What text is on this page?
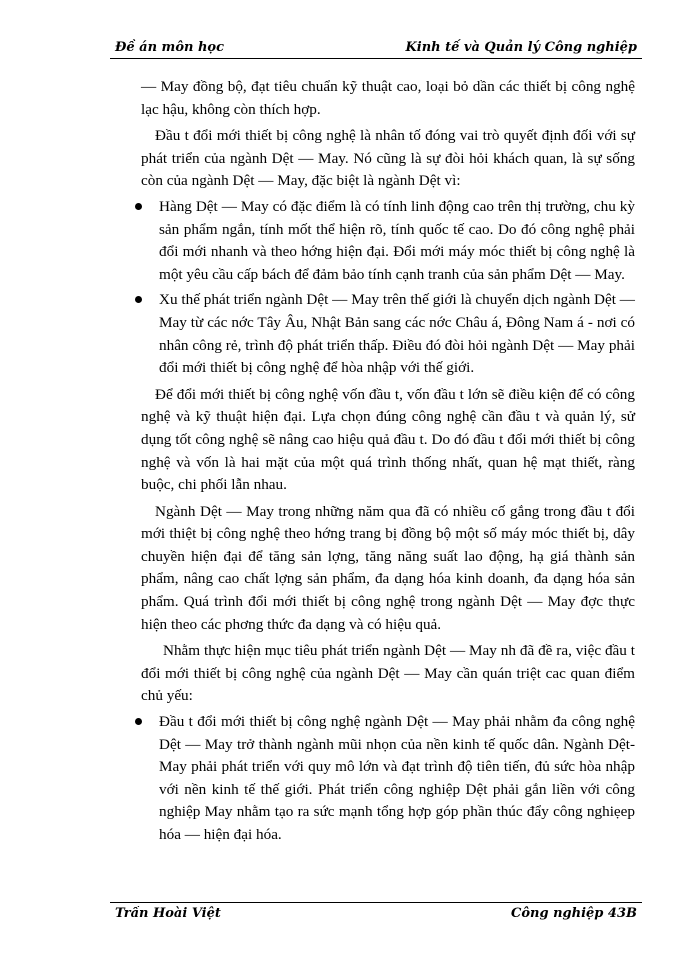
Đề án môn học	Kinh tế và Quản lý Công nghiệp

— May đồng bộ, đạt tiêu chuẩn kỹ thuật cao, loại bỏ dần các thiết bị công nghệ lạc hậu, không còn thích hợp.

Đầu t đổi mới thiết bị công nghệ là nhân tố đóng vai trò quyết định đối với sự phát triển của ngành Dệt — May. Nó cũng là sự đòi hỏi khách quan, là sự sống còn của ngành Dệt — May, đặc biệt là ngành Dệt vì:

Hàng Dệt — May có đặc điểm là có tính linh động cao trên thị trường, chu kỳ sản phẩm ngắn, tính mốt thể hiện rõ, tính quốc tế cao. Do đó công nghệ phải đổi mới nhanh và theo hớng hiện đại. Đổi mới máy móc thiết bị công nghệ là một yêu cầu cấp bách để đảm bảo tính cạnh tranh của sản phẩm Dệt — May.
Xu thế phát triển ngành Dệt — May trên thế giới là chuyển dịch ngành Dệt — May từ các nớc Tây Âu, Nhật Bản sang các nớc Châu á, Đông Nam á - nơi có nhân công rẻ, trình độ phát triển thấp. Điều đó đòi hỏi ngành Dệt — May phải đổi mới thiết bị công nghệ để hòa nhập với thế giới.

Để đổi mới thiết bị công nghệ vốn đầu t, vốn đầu t lớn sẽ điều kiện để có công nghệ và kỹ thuật hiện đại. Lựa chọn đúng công nghệ cần đầu t và quản lý, sử dụng tốt công nghệ sẽ nâng cao hiệu quả đầu t. Do đó đầu t đổi mới thiết bị công nghệ và vốn là hai mặt của một quá trình thống nhất, quan hệ mạt thiết, ràng buộc, chi phối lẫn nhau.

Ngành Dệt — May trong những năm qua đã có nhiều cố gắng trong đầu t đổi mới thiệt bị công nghệ theo hớng trang bị đồng bộ một số máy móc thiết bị, dây chuyền hiện đại để tăng sản lợng, tăng năng suất lao động, hạ giá thành sản phẩm, nâng cao chất lợng sản phẩm, đa dạng hóa kinh doanh, đa dạng hóa sản phẩm. Quá trình đổi mới thiết bị công nghệ trong ngành Dệt — May đợc thực hiện theo các phơng thức đa dạng và có hiệu quả.

Nhằm thực hiện mục tiêu phát triển ngành Dệt — May nh đã đề ra, việc đầu t đổi mới thiết bị công nghệ của ngành Dệt — May cần quán triệt cac quan điểm chủ yếu:

Đầu t đổi mới thiết bị công nghệ ngành Dệt — May phải nhằm đa công nghệ Dệt — May trở thành ngành mũi nhọn của nền kinh tế quốc dân. Ngành Dệt- May phải phát triển với quy mô lớn và đạt trình độ tiên tiến, đủ sức hòa nhập với nền kinh tế thế giới. Phát triển công nghiệp Dệt phải gắn liền với công nghiệp May nhằm tạo ra sức mạnh tổng hợp góp phần thúc đẩy công nghiẹep hóa — hiện đại hóa.
Trần Hoài Việt	Công nghiệp 43B
